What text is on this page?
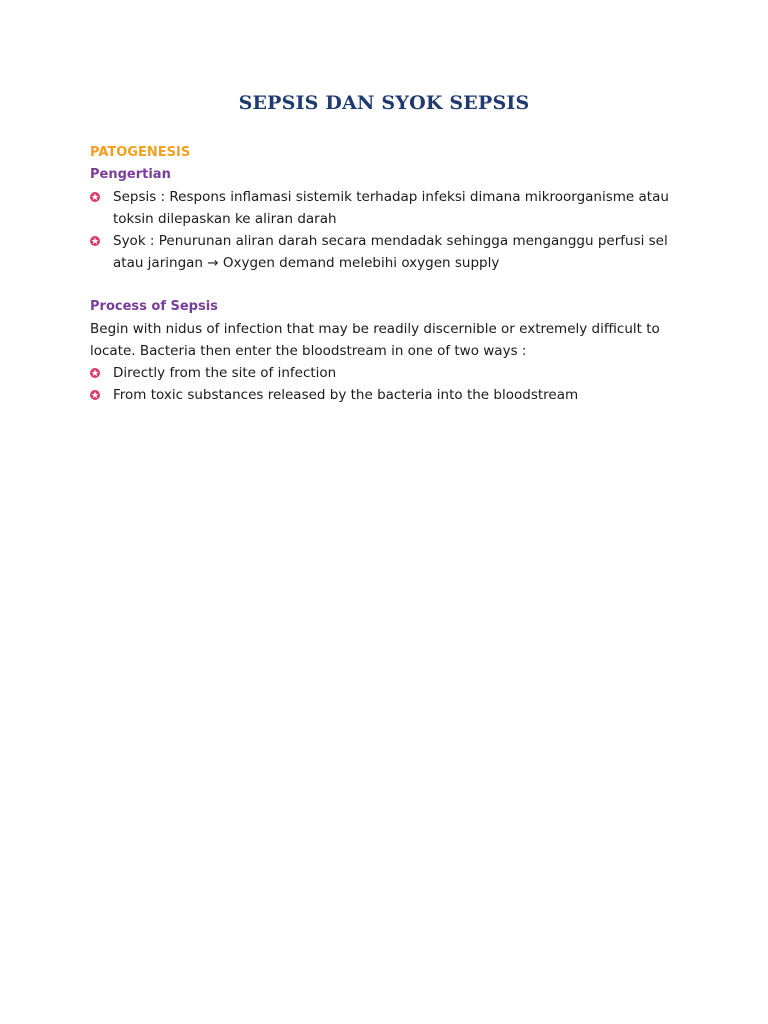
SEPSIS DAN SYOK SEPSIS

PATOGENESIS

Pengertian

Sepsis : Respons inflamasi sistemik terhadap infeksi dimana mikroorganisme atau toksin dilepaskan ke aliran darah
Syok : Penurunan aliran darah secara mendadak sehingga menganggu perfusi sel atau jaringan → Oxygen demand melebihi oxygen supply

Process of Sepsis

Begin with nidus of infection that may be readily discernible or extremely difficult to locate. Bacteria then enter the bloodstream in one of two ways :

Directly from the site of infection
From toxic substances released by the bacteria into the bloodstream
